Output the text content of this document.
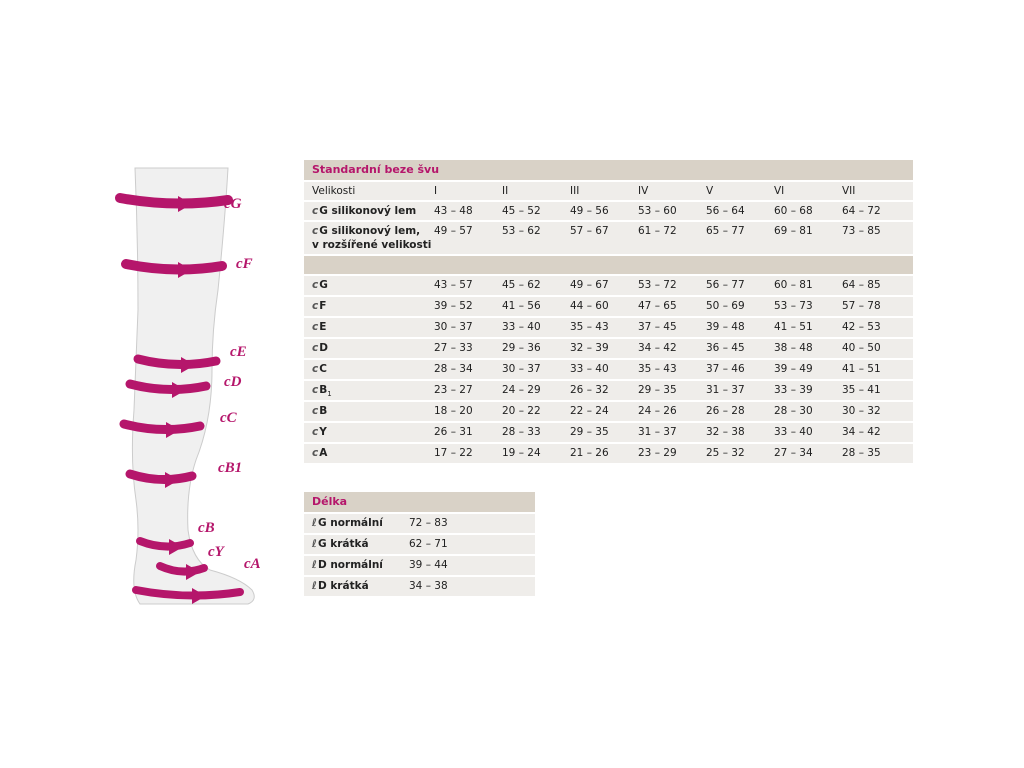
cG
cF
cE
cD
cC
cB1
cB
cY
cA
Standardní beze švu
Velikosti	I	II	III	IV	V	VI	VII
cG silikonový lem	43 – 48	45 – 52	49 – 56	53 – 60	56 – 64	60 – 68	64 – 72
cG silikonový lem,
v rozšířené velikosti
49 – 57	53 – 62	57 – 67	61 – 72	65 – 77	69 – 81	73 – 85
cG	43 – 57	45 – 62	49 – 67	53 – 72	56 – 77	60 – 81	64 – 85
cF	39 – 52	41 – 56	44 – 60	47 – 65	50 – 69	53 – 73	57 – 78
cE	30 – 37	33 – 40	35 – 43	37 – 45	39 – 48	41 – 51	42 – 53
cD	27 – 33	29 – 36	32 – 39	34 – 42	36 – 45	38 – 48	40 – 50
cC	28 – 34	30 – 37	33 – 40	35 – 43	37 – 46	39 – 49	41 – 51
$cB_1$	23 – 27	24 – 29	26 – 32	29 – 35	31 – 37	33 – 39	35 – 41
cB	18 – 20	20 – 22	22 – 24	24 – 26	26 – 28	28 – 30	30 – 32
cY	26 – 31	28 – 33	29 – 35	31 – 37	32 – 38	33 – 40	34 – 42
cA	17 – 22	19 – 24	21 – 26	23 – 29	25 – 32	27 – 34	28 – 35
Délka
ℓG normální	72 – 83
ℓG krátká	62 – 71
ℓD normální	39 – 44
ℓD krátká	34 – 38
